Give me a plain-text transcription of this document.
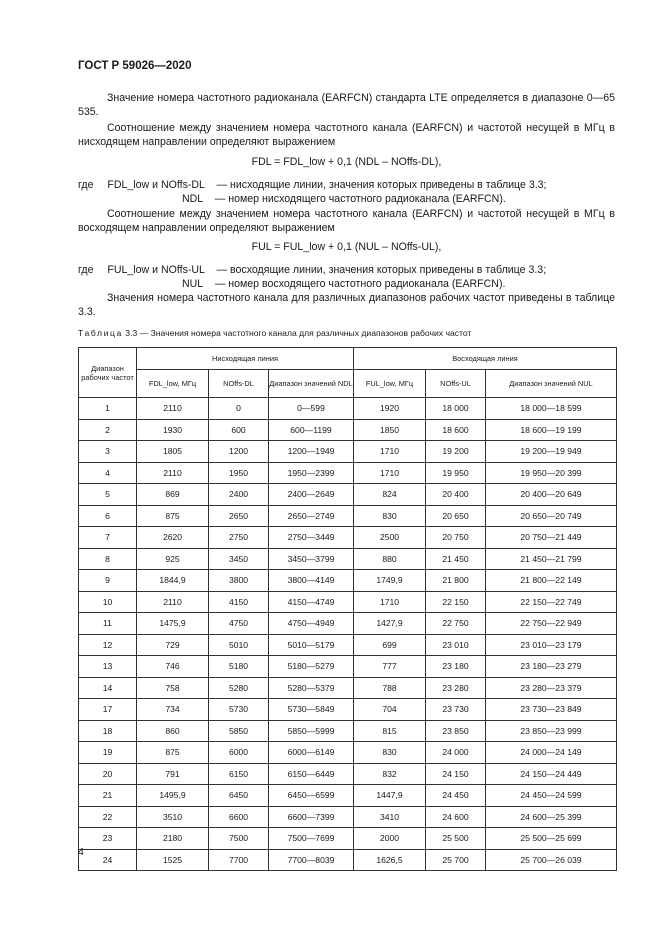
ГОСТ Р 59026—2020
Значение номера частотного радиоканала (EARFCN) стандарта LTE определяется в диапазоне 0—65 535.
Соотношение между значением номера частотного канала (EARFCN) и частотой несущей в МГц в нисходящем направлении определяют выражением
FDL = FDL_low + 0,1 (NDL – NOffs-DL),
где FDL_low и NOffs-DL — нисходящие линии, значения которых приведены в таблице 3.3;
NDL — номер нисходящего частотного радиоканала (EARFCN).
Соотношение между значением номера частотного канала (EARFCN) и частотой несущей в МГц в восходящем направлении определяют выражением
FUL = FUL_low + 0,1 (NUL – NOffs-UL),
где FUL_low и NOffs-UL — восходящие линии, значения которых приведены в таблице 3.3;
NUL — номер восходящего частотного радиоканала (EARFCN).
Значения номера частотного канала для различных диапазонов рабочих частот приведены в таблице 3.3.
Таблица 3.3 — Значения номера частотного канала для различных диапазонов рабочих частот
Диапазон рабочих частот	Нисходящая линия			Восходящая линия		
	FDL_low, МГц	NOffs-DL	Диапазон значений NDL	FUL_low, МГц	NOffs-UL	Диапазон значений NUL
1	2110	0	0—599	1920	18 000	18 000—18 599
2	1930	600	600—1199	1850	18 600	18 600—19 199
3	1805	1200	1200—1949	1710	19 200	19 200—19 949
4	2110	1950	1950—2399	1710	19 950	19 950—20 399
5	869	2400	2400—2649	824	20 400	20 400—20 649
6	875	2650	2650—2749	830	20 650	20 650—20 749
7	2620	2750	2750—3449	2500	20 750	20 750—21 449
8	925	3450	3450—3799	880	21 450	21 450—21 799
9	1844,9	3800	3800—4149	1749,9	21 800	21 800—22 149
10	2110	4150	4150—4749	1710	22 150	22 150—22 749
11	1475,9	4750	4750—4949	1427,9	22 750	22 750—22 949
12	729	5010	5010—5179	699	23 010	23 010—23 179
13	746	5180	5180—5279	777	23 180	23 180—23 279
14	758	5280	5280—5379	788	23 280	23 280—23 379
17	734	5730	5730—5849	704	23 730	23 730—23 849
18	860	5850	5850—5999	815	23 850	23 850—23 999
19	875	6000	6000—6149	830	24 000	24 000—24 149
20	791	6150	6150—6449	832	24 150	24 150—24 449
21	1495,9	6450	6450—6599	1447,9	24 450	24 450—24 599
22	3510	6600	6600—7399	3410	24 600	24 600—25 399
23	2180	7500	7500—7699	2000	25 500	25 500—25 699
24	1525	7700	7700—8039	1626,5	25 700	25 700—26 039
4
